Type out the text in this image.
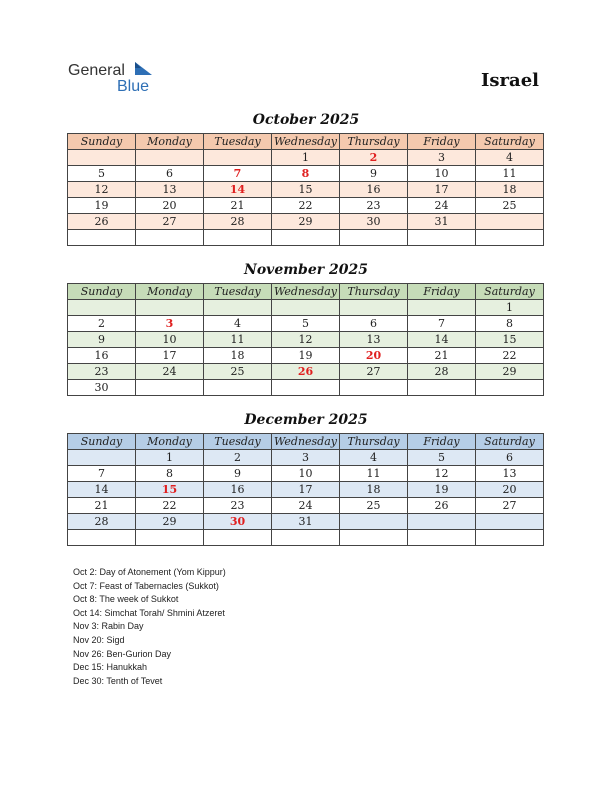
General
Blue	Israel
October 2025
Sunday	Monday	Tuesday	Wednesday	Thursday	Friday	Saturday
			1	2	3	4
5	6	7	8	9	10	11
12	13	14	15	16	17	18
19	20	21	22	23	24	25
26	27	28	29	30	31	

November 2025
Sunday	Monday	Tuesday	Wednesday	Thursday	Friday	Saturday
						1
2	3	4	5	6	7	8
9	10	11	12	13	14	15
16	17	18	19	20	21	22
23	24	25	26	27	28	29
30						
December 2025
Sunday	Monday	Tuesday	Wednesday	Thursday	Friday	Saturday
	1	2	3	4	5	6
7	8	9	10	11	12	13
14	15	16	17	18	19	20
21	22	23	24	25	26	27
28	29	30	31			

Oct 2: Day of Atonement (Yom Kippur)
Oct 7: Feast of Tabernacles (Sukkot)
Oct 8: The week of Sukkot
Oct 14: Simchat Torah/ Shmini Atzeret
Nov 3: Rabin Day
Nov 20: Sigd
Nov 26: Ben-Gurion Day
Dec 15: Hanukkah
Dec 30: Tenth of Tevet
